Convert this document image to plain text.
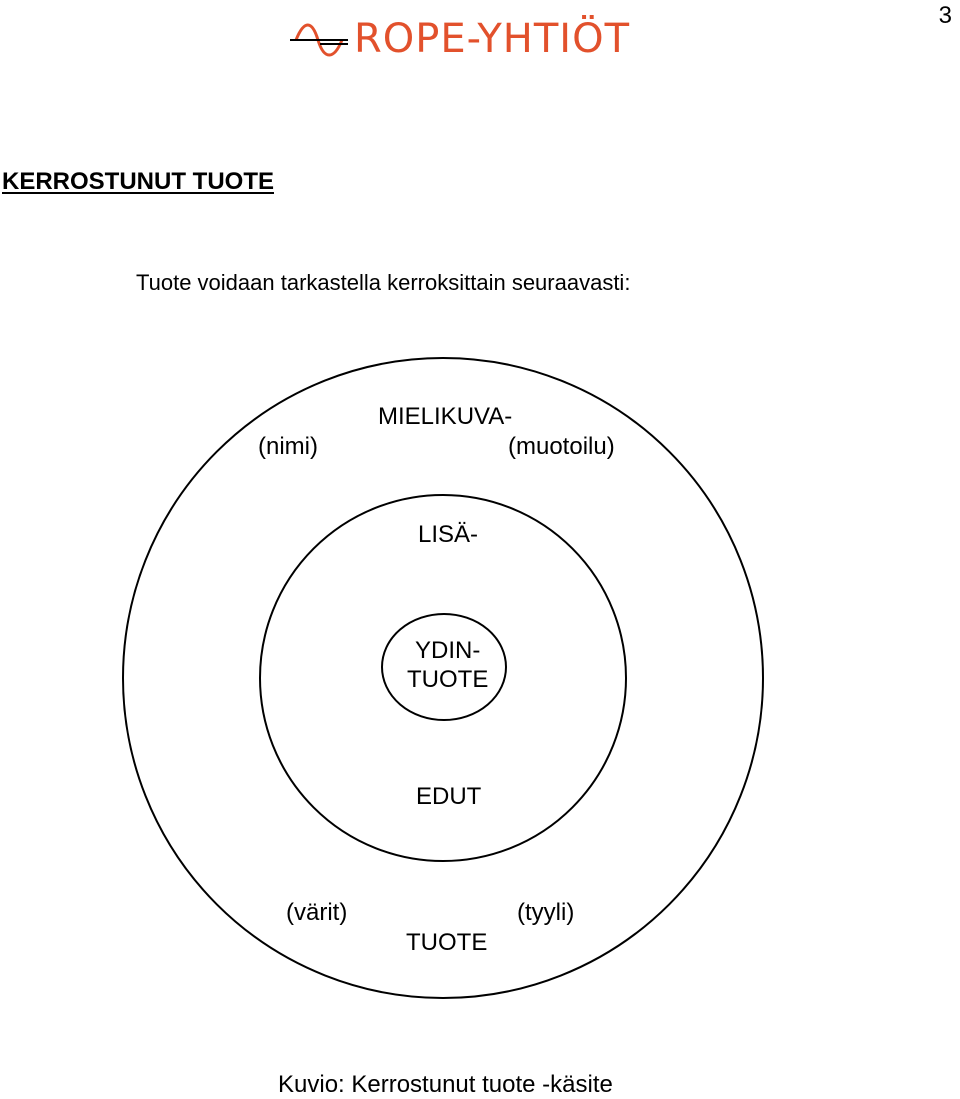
3
ROPE-YHTIÖT
KERROSTUNUT TUOTE
Tuote voidaan tarkastella kerroksittain seuraavasti:
MIELIKUVA-
(nimi)	(muotoilu)
LISÄ-
YDIN-
TUOTE
EDUT
(värit)	(tyyli)
TUOTE
Kuvio: Kerrostunut tuote -käsite
